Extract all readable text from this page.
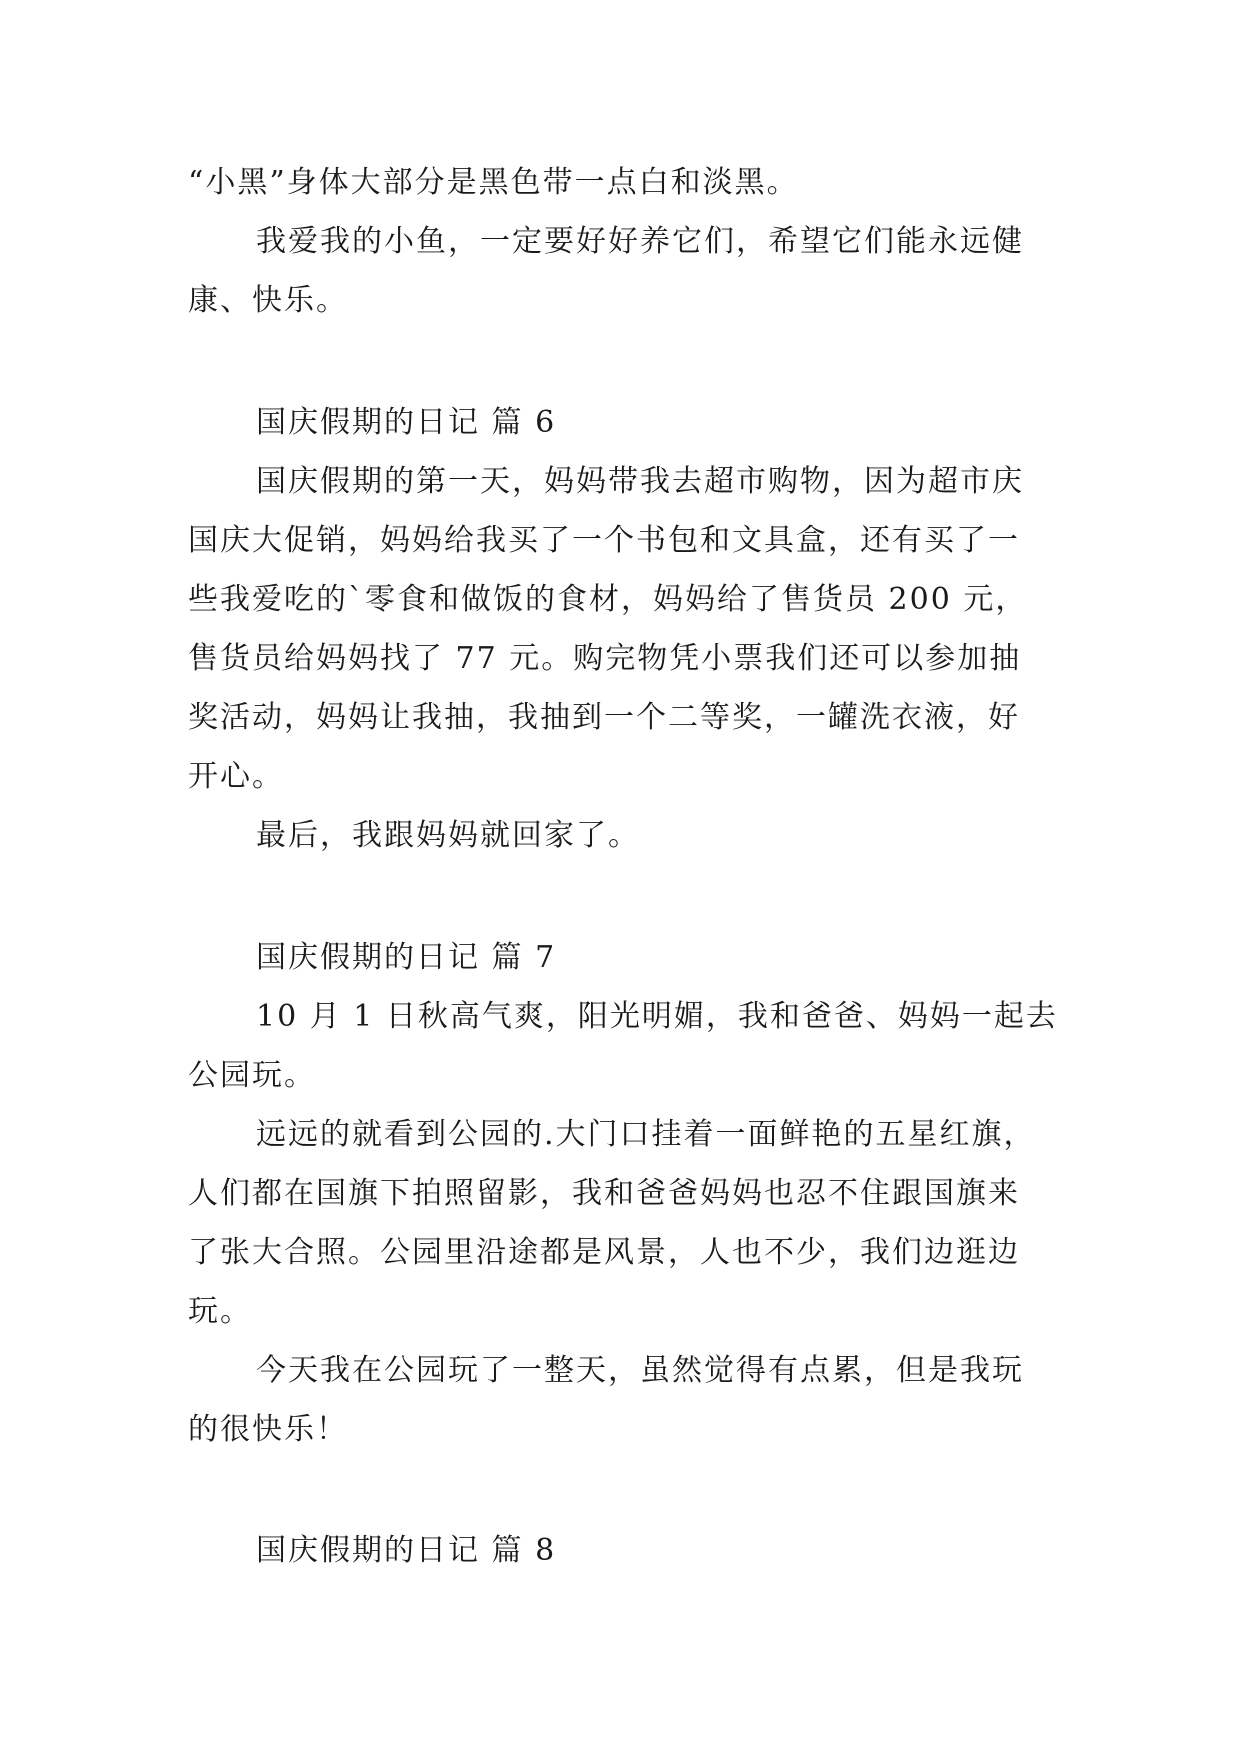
“小黑”身体大部分是黑色带一点白和淡黑。
我爱我的小鱼，一定要好好养它们，希望它们能永远健
康、快乐。
国庆假期的日记 篇 6
国庆假期的第一天，妈妈带我去超市购物，因为超市庆
国庆大促销，妈妈给我买了一个书包和文具盒，还有买了一
些我爱吃的`零食和做饭的食材，妈妈给了售货员 200 元，
售货员给妈妈找了 77 元。购完物凭小票我们还可以参加抽
奖活动，妈妈让我抽，我抽到一个二等奖，一罐洗衣液，好
开心。
最后，我跟妈妈就回家了。
国庆假期的日记 篇 7
10 月 1 日秋高气爽，阳光明媚，我和爸爸、妈妈一起去
公园玩。
远远的就看到公园的.大门口挂着一面鲜艳的五星红旗，
人们都在国旗下拍照留影，我和爸爸妈妈也忍不住跟国旗来
了张大合照。公园里沿途都是风景，人也不少，我们边逛边
玩。
今天我在公园玩了一整天，虽然觉得有点累，但是我玩
的很快乐！
国庆假期的日记 篇 8
